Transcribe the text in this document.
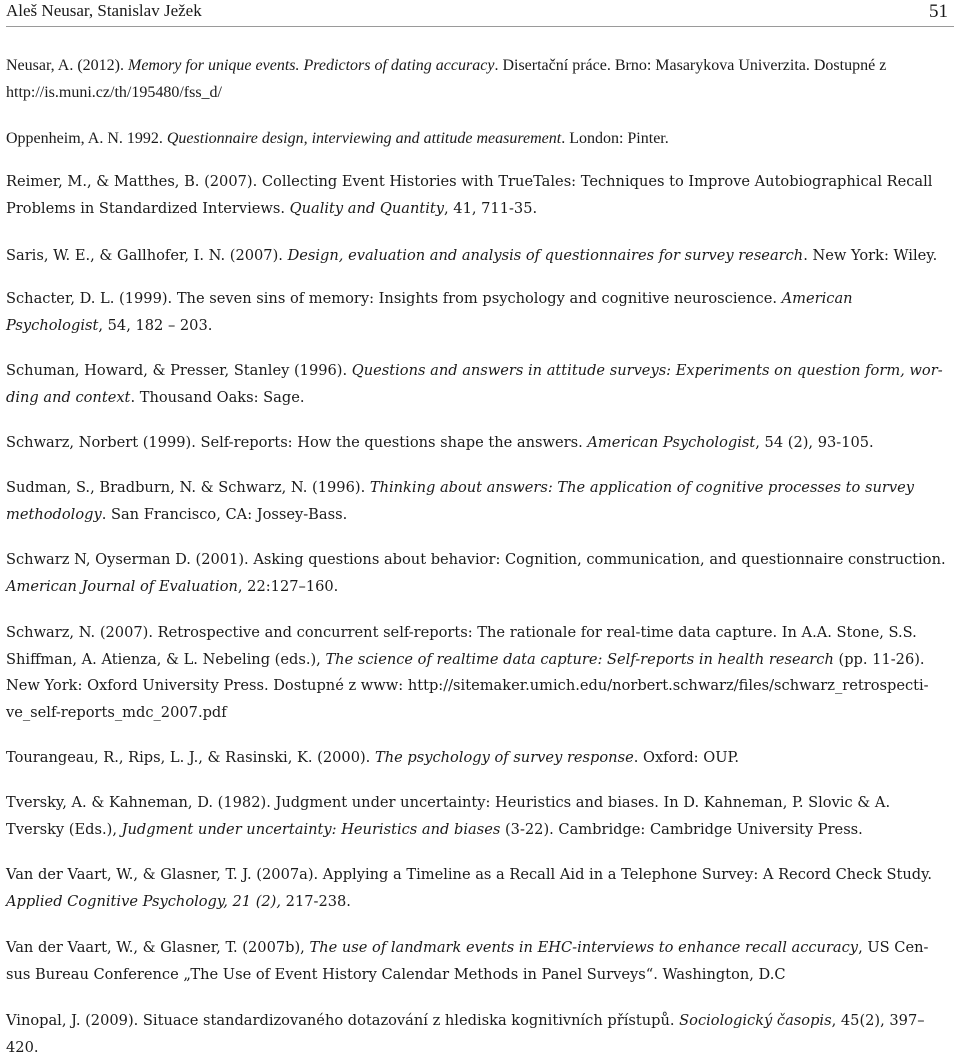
Aleš Neusar, Stanislav Ježek	51

Neusar, A. (2012). Memory for unique events. Predictors of dating accuracy. Disertační práce. Brno: Masarykova Univerzita. Dostupné z http://is.muni.cz/th/195480/fss_d/

Oppenheim, A. N. 1992. Questionnaire design, interviewing and attitude measurement. London: Pinter.

Reimer, M., & Matthes, B. (2007). Collecting Event Histories with TrueTales: Techniques to Improve Autobiographical Recall Problems in Standardized Interviews. Quality and Quantity, 41, 711-35.

Saris, W. E., & Gallhofer, I. N. (2007). Design, evaluation and analysis of questionnaires for survey research. New York: Wiley.

Schacter, D. L. (1999). The seven sins of memory: Insights from psychology and cognitive neuroscience. American Psychologist, 54, 182 – 203.

Schuman, Howard, & Presser, Stanley (1996). Questions and answers in attitude surveys: Experiments on question form, wor-ding and context. Thousand Oaks: Sage.

Schwarz, Norbert (1999). Self-reports: How the questions shape the answers. American Psychologist, 54 (2), 93-105.

Sudman, S., Bradburn, N. & Schwarz, N. (1996). Thinking about answers: The application of cognitive processes to survey methodology. San Francisco, CA: Jossey-Bass.

Schwarz N, Oyserman D. (2001). Asking questions about behavior: Cognition, communication, and questionnaire construction. American Journal of Evaluation, 22:127–160.

Schwarz, N. (2007). Retrospective and concurrent self-reports: The rationale for real-time data capture. In A.A. Stone, S.S. Shiffman, A. Atienza, & L. Nebeling (eds.), The science of realtime data capture: Self-reports in health research (pp. 11-26). New York: Oxford University Press. Dostupné z www: http://sitemaker.umich.edu/norbert.schwarz/files/schwarz_retrospecti-ve_self-reports_mdc_2007.pdf

Tourangeau, R., Rips, L. J., & Rasinski, K. (2000). The psychology of survey response. Oxford: OUP.

Tversky, A. & Kahneman, D. (1982). Judgment under uncertainty: Heuristics and biases. In D. Kahneman, P. Slovic & A. Tversky (Eds.), Judgment under uncertainty: Heuristics and biases (3-22). Cambridge: Cambridge University Press.

Van der Vaart, W., & Glasner, T. J. (2007a). Applying a Timeline as a Recall Aid in a Telephone Survey: A Record Check Study. Applied Cognitive Psychology, 21 (2), 217-238.

Van der Vaart, W., & Glasner, T. (2007b), The use of landmark events in EHC-interviews to enhance recall accuracy, US Cen-sus Bureau Conference „The Use of Event History Calendar Methods in Panel Surveys“. Washington, D.C

Vinopal, J. (2009). Situace standardizovaného dotazování z hlediska kognitivních přístupů. Sociologický časopis, 45(2), 397– 420.
